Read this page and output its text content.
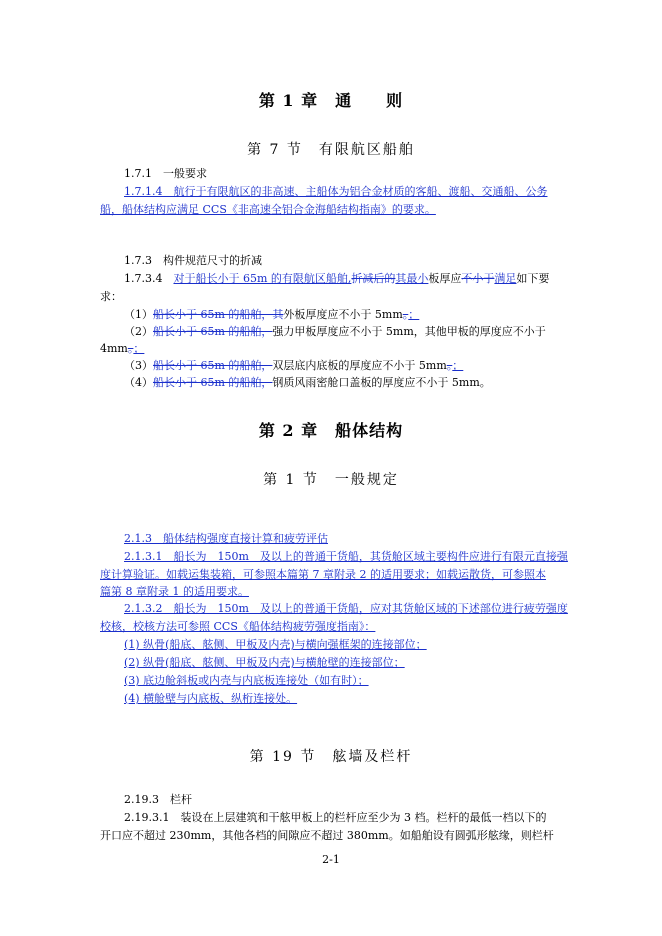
第 1 章　通　　则
第 7 节　有限航区船舶
1.7.1　一般要求
1.7.1.4　航行于有限航区的非高速、主船体为铝合金材质的客船、渡船、交通船、公务
船，船体结构应满足 CCS《非高速全铝合金海船结构指南》的要求。
1.7.3　构件规范尺寸的折减
1.7.3.4　对于船长小于 65m 的有限航区船舶,折减后的其最小板厚应不小于满足如下要
求：
（1）船长小于 65m 的船舶，其外板厚度应不小于 5mm。；
（2）船长小于 65m 的船舶，强力甲板厚度应不小于 5mm，其他甲板的厚度应不小于
4mm。；
（3）船长小于 65m 的船舶，双层底内底板的厚度应不小于 5mm。；
（4）船长小于 65m 的船舶，钢质风雨密舱口盖板的厚度应不小于 5mm。
第 2 章　船体结构
第 1 节　一般规定
2.1.3　船体结构强度直接计算和疲劳评估
2.1.3.1　船长为　150m　及以上的普通干货船，其货舱区域主要构件应进行有限元直接强
度计算验证。如载运集装箱，可参照本篇第 7 章附录 2 的适用要求；如载运散货，可参照本
篇第 8 章附录 1 的适用要求。
2.1.3.2　船长为　150m　及以上的普通干货船，应对其货舱区域的下述部位进行疲劳强度
校核，校核方法可参照 CCS《船体结构疲劳强度指南》：
(1) 纵骨(船底、舷侧、甲板及内壳)与横向强框架的连接部位；
(2) 纵骨(船底、舷侧、甲板及内壳)与横舱壁的连接部位；
(3) 底边舱斜板或内壳与内底板连接处（如有时）；
(4) 横舱壁与内底板、纵桁连接处。
第 19 节　舷墙及栏杆
2.19.3　栏杆
2.19.3.1　装设在上层建筑和干舷甲板上的栏杆应至少为 3 档。栏杆的最低一档以下的
开口应不超过 230mm，其他各档的间隙应不超过 380mm。如船舶设有圆弧形舷缘，则栏杆
2-1
